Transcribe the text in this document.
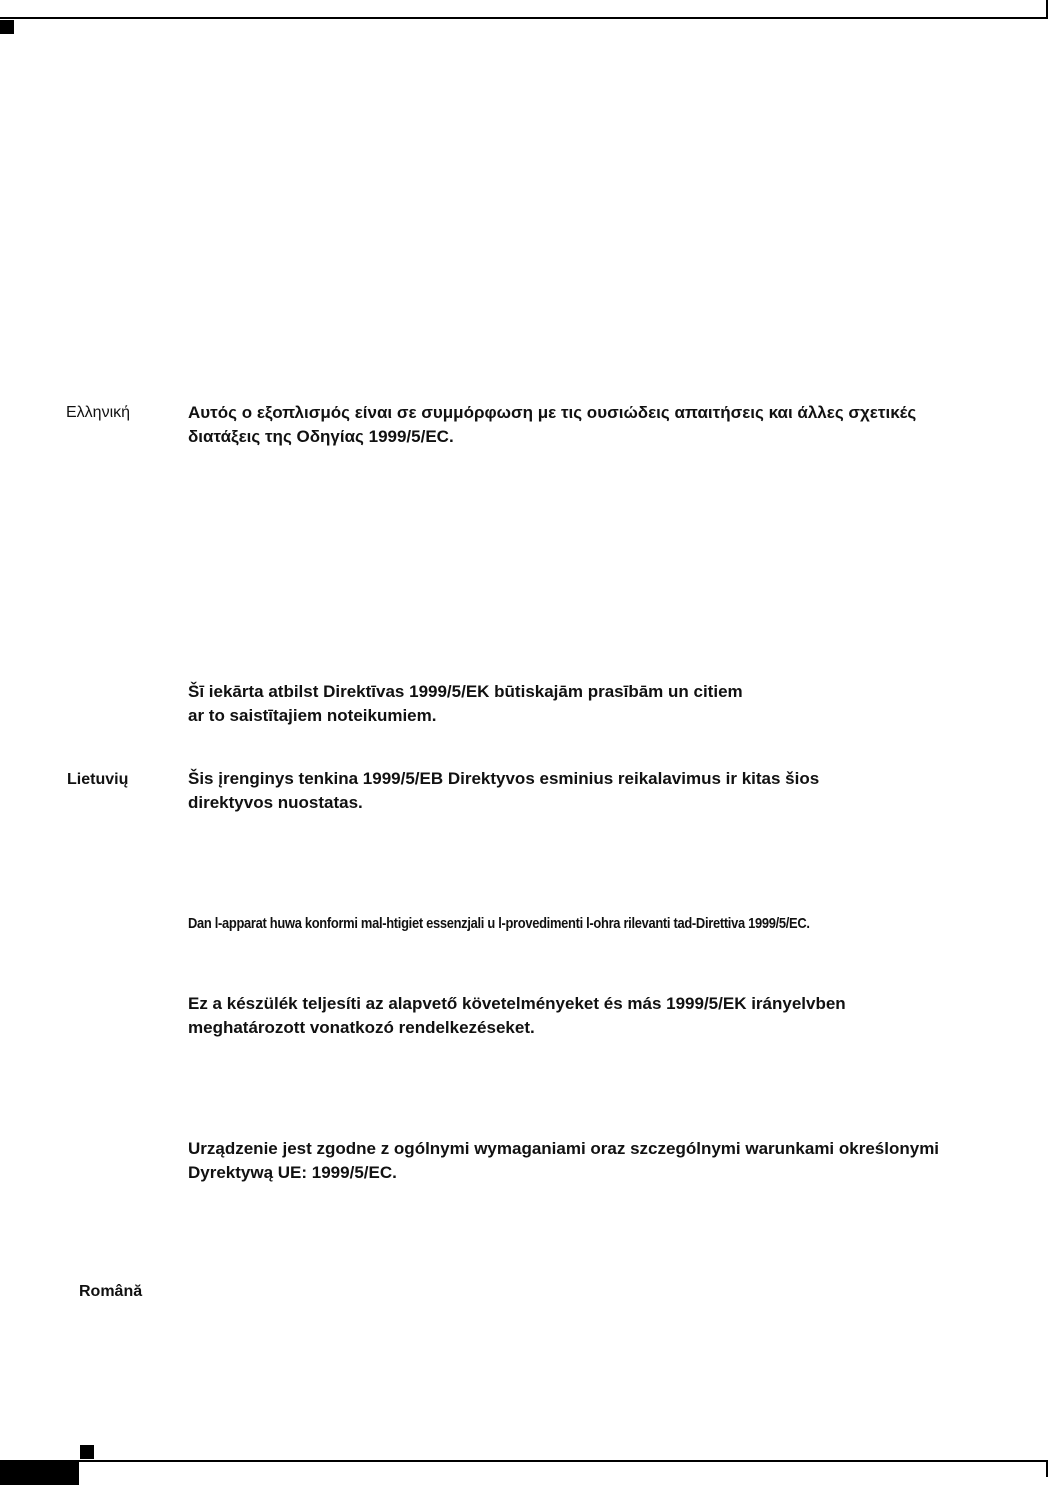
Ελληνική	Αυτός ο εξοπλισμός είναι σε συμμόρφωση με τις ουσιώδεις απαιτήσεις και άλλες σχετικές
διατάξεις της Οδηγίας 1999/5/EC.
Šī iekārta atbilst Direktīvas 1999/5/EK būtiskajām prasībām un citiem
ar to saistītajiem noteikumiem.
Lietuvių	Šis įrenginys tenkina 1999/5/EB Direktyvos esminius reikalavimus ir kitas šios
direktyvos nuostatas.
Dan l-apparat huwa konformi mal-htigiet essenzjali u l-provedimenti l-ohra rilevanti tad-Direttiva 1999/5/EC.
Ez a készülék teljesíti az alapvető követelményeket és más 1999/5/EK irányelvben
meghatározott vonatkozó rendelkezéseket.
Urządzenie jest zgodne z ogólnymi wymaganiami oraz szczególnymi warunkami określonymi
Dyrektywą UE: 1999/5/EC.
Română
